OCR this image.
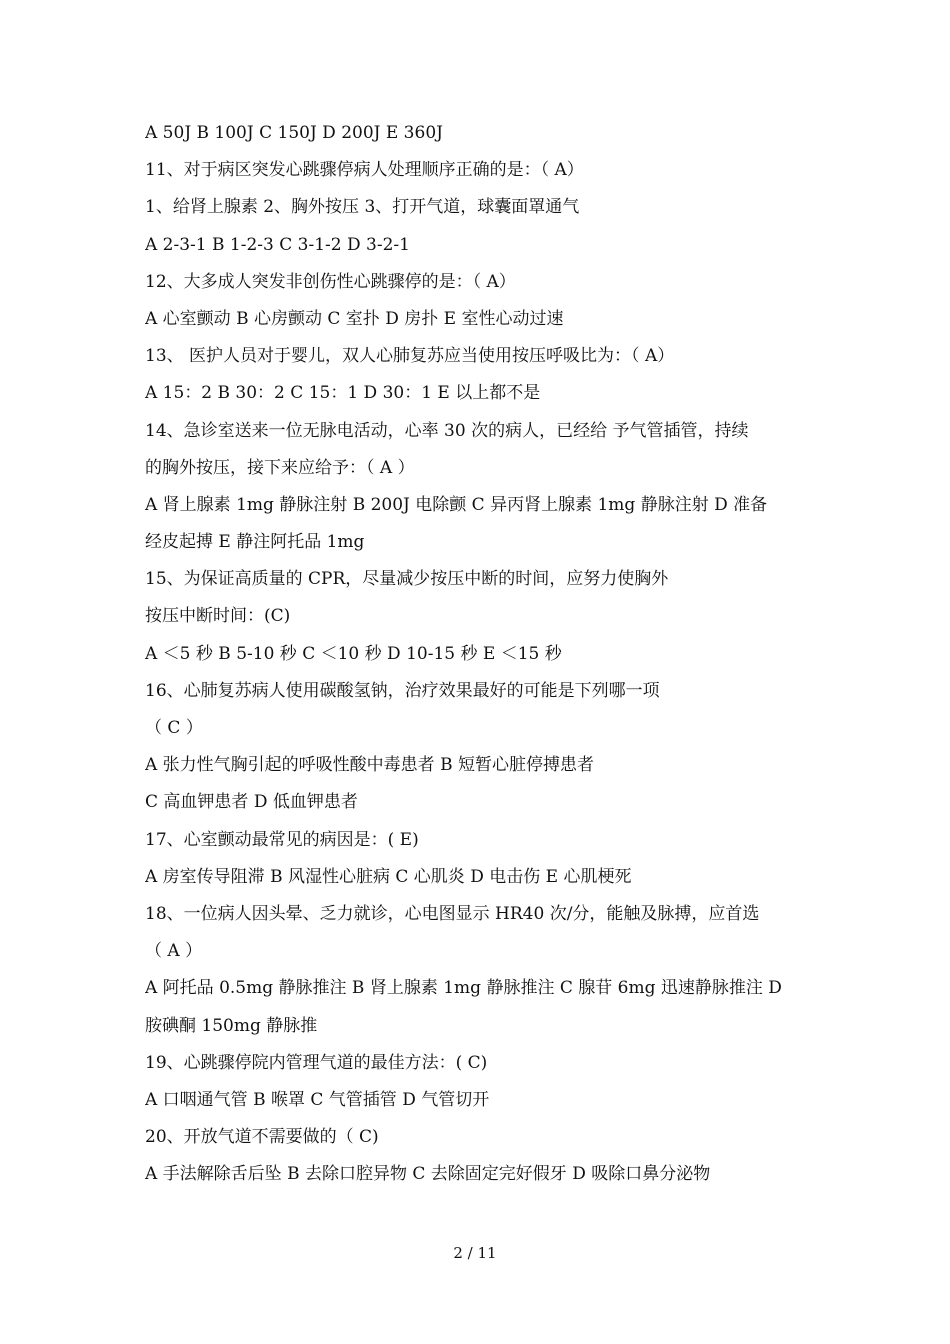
A 50J B 100J C 150J D 200J E 360J
11、对于病区突发心跳骤停病人处理顺序正确的是：（ A）
1、给肾上腺素 2、胸外按压 3、打开气道，球囊面罩通气
A 2-3-1 B 1-2-3 C 3-1-2 D 3-2-1
12、大多成人突发非创伤性心跳骤停的是：（ A）
A 心室颤动 B 心房颤动 C 室扑 D 房扑 E 室性心动过速
13、 医护人员对于婴儿，双人心肺复苏应当使用按压呼吸比为：（ A）
A 15：2 B 30：2 C 15：1 D 30：1 E 以上都不是
14、急诊室送来一位无脉电活动，心率 30 次的病人，已经给 予气管插管，持续
的胸外按压，接下来应给予：（ A ）
A 肾上腺素 1mg 静脉注射 B 200J 电除颤 C 异丙肾上腺素 1mg 静脉注射 D 准备
经皮起搏 E 静注阿托品 1mg
15、为保证高质量的 CPR，尽量减少按压中断的时间，应努力使胸外
按压中断时间：(C)
A ＜5 秒 B 5-10 秒 C ＜10 秒 D 10-15 秒 E ＜15 秒
16、心肺复苏病人使用碳酸氢钠，治疗效果最好的可能是下列哪一项
（ C ）
A 张力性气胸引起的呼吸性酸中毒患者 B 短暂心脏停搏患者
C 高血钾患者 D 低血钾患者
17、心室颤动最常见的病因是：( E)
A 房室传导阻滞 B 风湿性心脏病 C 心肌炎 D 电击伤 E 心肌梗死
18、一位病人因头晕、乏力就诊，心电图显示 HR40 次/分，能触及脉搏，应首选
（ A ）
A 阿托品 0.5mg 静脉推注 B 肾上腺素 1mg 静脉推注 C 腺苷 6mg 迅速静脉推注 D
胺碘酮 150mg 静脉推
19、心跳骤停院内管理气道的最佳方法：( C)
A 口咽通气管 B 喉罩 C 气管插管 D 气管切开
20、开放气道不需要做的（ C)
A 手法解除舌后坠 B 去除口腔异物 C 去除固定完好假牙 D 吸除口鼻分泌物
2 / 11
